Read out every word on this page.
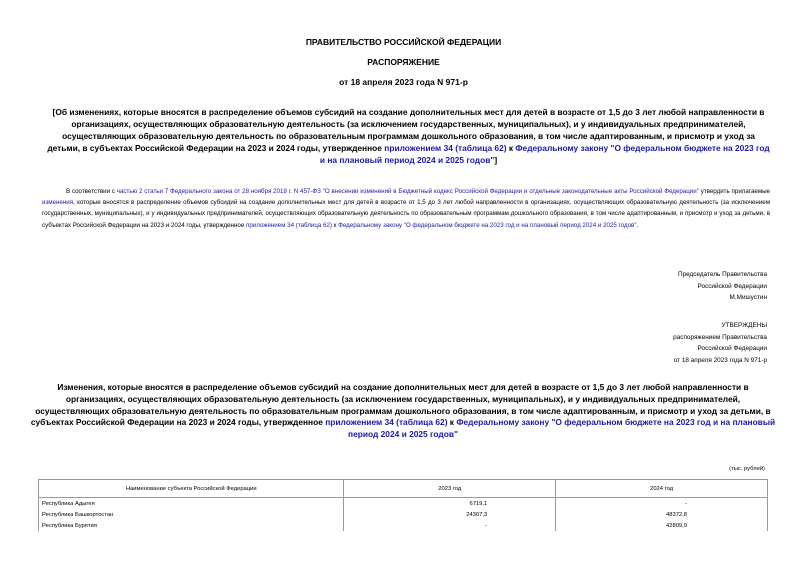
ПРАВИТЕЛЬСТВО РОССИЙСКОЙ ФЕДЕРАЦИИ
РАСПОРЯЖЕНИЕ
от 18 апреля 2023 года N 971-р
[Об изменениях, которые вносятся в распределение объемов субсидий на создание дополнительных мест для детей в возрасте от 1,5 до 3 лет любой направленности в организациях, осуществляющих образовательную деятельность (за исключением государственных, муниципальных), и у индивидуальных предпринимателей, осуществляющих образовательную деятельность по образовательным программам дошкольного образования, в том числе адаптированным, и присмотр и уход за детьми, в субъектах Российской Федерации на 2023 и 2024 годы, утвержденное приложением 34 (таблица 62) к Федеральному закону "О федеральном бюджете на 2023 год и на плановый период 2024 и 2025 годов"]
В соответствии с частью 2 статьи 7 Федерального закона от 28 ноября 2018 г. N 457-ФЗ "О внесении изменений в Бюджетный кодекс Российской Федерации и отдельные законодательные акты Российской Федерации" утвердить прилагаемые изменения, которые вносятся в распределение объемов субсидий на создание дополнительных мест для детей в возрасте от 1,5 до 3 лет любой направленности в организациях, осуществляющих образовательную деятельность (за исключением государственных, муниципальных), и у индивидуальных предпринимателей, осуществляющих образовательную деятельность по образовательным программам дошкольного образования, в том числе адаптированным, и присмотр и уход за детьми, в субъектах Российской Федерации на 2023 и 2024 годы, утвержденное приложением 34 (таблица 62) к Федеральному закону "О федеральном бюджете на 2023 год и на плановый период 2024 и 2025 годов".
Председатель Правительства
Российской Федерации
М.Мишустин
УТВЕРЖДЕНЫ
распоряжением Правительства
Российской Федерации
от 18 апреля 2023 года N 971-р
Изменения, которые вносятся в распределение объемов субсидий на создание дополнительных мест для детей в возрасте от 1,5 до 3 лет любой направленности в организациях, осуществляющих образовательную деятельность (за исключением государственных, муниципальных), и у индивидуальных предпринимателей, осуществляющих образовательную деятельность по образовательным программам дошкольного образования, в том числе адаптированным, и присмотр и уход за детьми, в субъектах Российской Федерации на 2023 и 2024 годы, утвержденное приложением 34 (таблица 62) к Федеральному закону "О федеральном бюджете на 2023 год и на плановый период 2024 и 2025 годов"
(тыс. рублей)
Наименование субъекта Российской Федерации	2023 год	2024 год
Республика Адыгея	6719,1	-
Республика Башкортостан	24307,3	48372,8
Республика Бурятия	-	42809,9
